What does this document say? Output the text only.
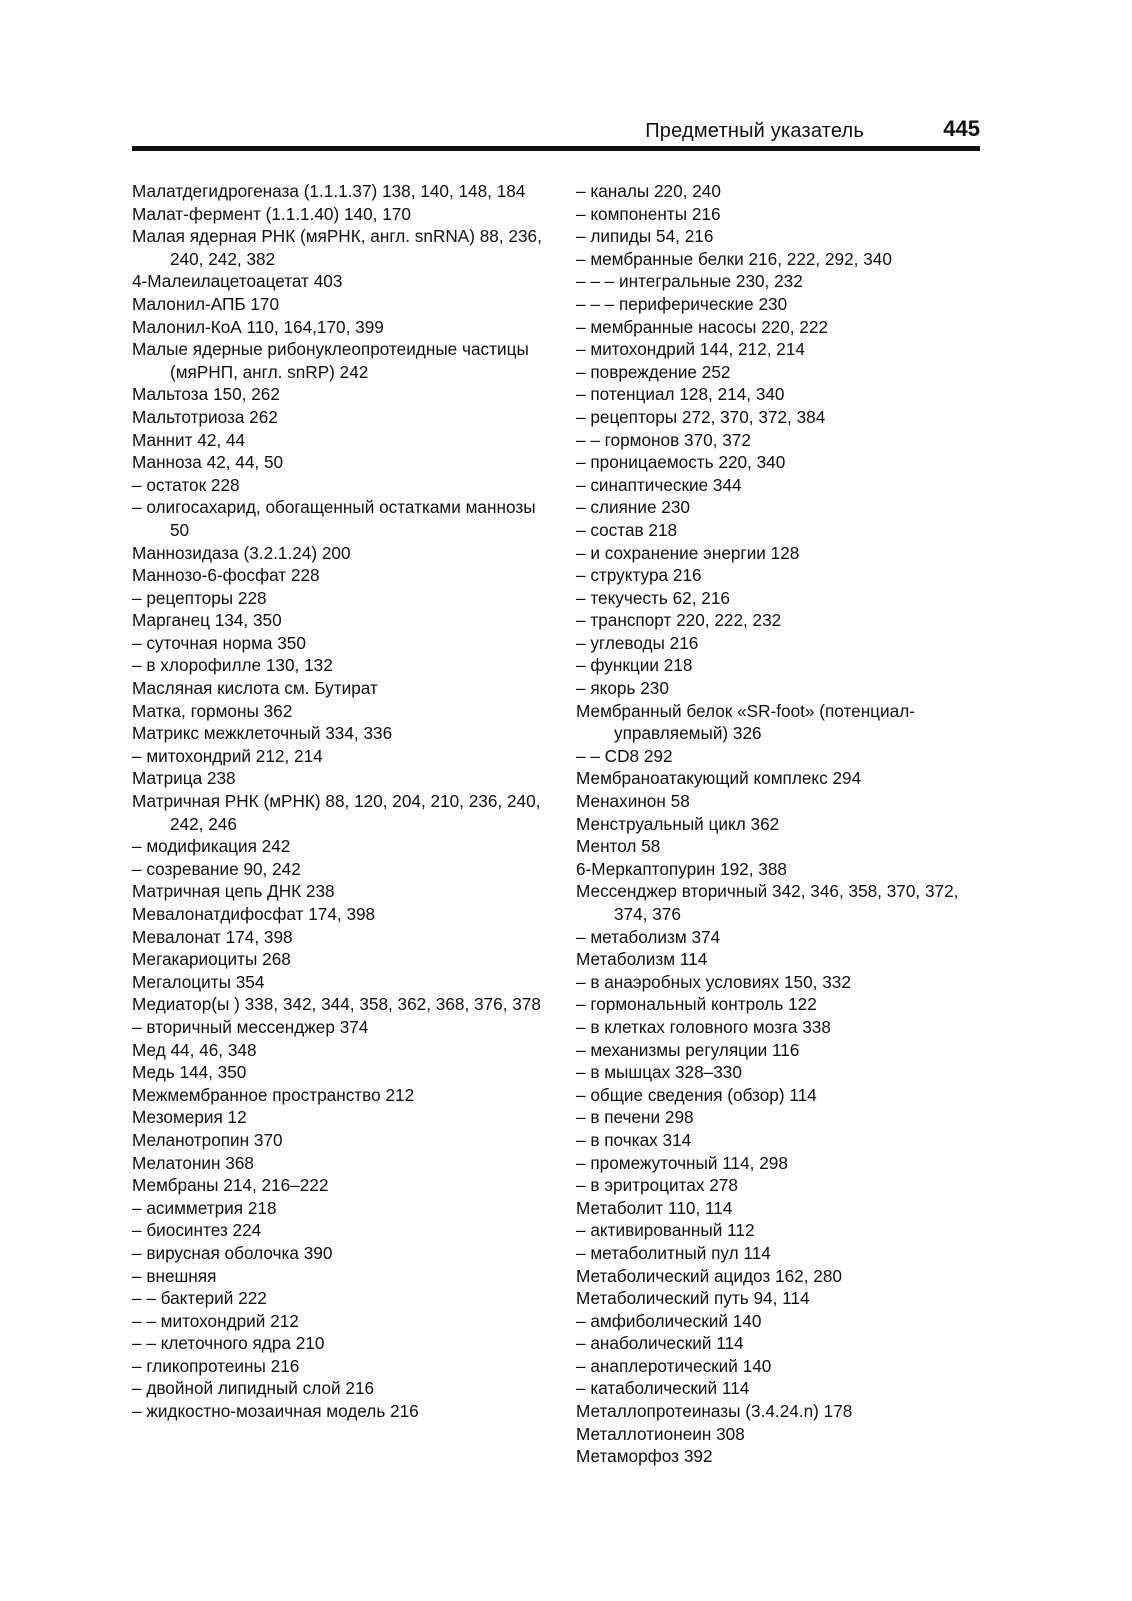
Предметный указатель	445

Малатдегидрогеназа (1.1.1.37) 138, 140, 148, 184

Малат-фермент (1.1.1.40) 140, 170

Малая ядерная РНК (мяРНК, англ. snRNA) 88, 236, 240, 242, 382

4-Малеилацетоацетат 403

Малонил-АПБ 170

Малонил-КоА 110, 164,170, 399

Малые ядерные рибонуклеопротеидные частицы (мяРНП, англ. snRP) 242

Мальтоза 150, 262

Мальтотриоза 262

Маннит 42, 44

Манноза 42, 44, 50

– остаток 228

– олигосахарид, обогащенный остатками маннозы 50

Маннозидаза (3.2.1.24) 200

Маннозо-6-фосфат 228

– рецепторы 228

Марганец 134, 350

– суточная норма 350

– в хлорофилле 130, 132

Масляная кислота см. Бутират

Матка, гормоны 362

Матрикс межклеточный 334, 336

– митохондрий 212, 214

Матрица 238

Матричная РНК (мРНК) 88, 120, 204, 210, 236, 240, 242, 246

– модификация 242

– созревание 90, 242

Матричная цепь ДНК 238

Мевалонатдифосфат 174, 398

Мевалонат 174, 398

Мегакариоциты 268

Мегалоциты 354

Медиатор(ы ) 338, 342, 344, 358, 362, 368, 376, 378

– вторичный мессенджер 374

Мед 44, 46, 348

Медь 144, 350

Межмембранное пространство 212

Мезомерия 12

Меланотропин 370

Мелатонин 368

Мембраны 214, 216–222

– асимметрия 218

– биосинтез 224

– вирусная оболочка 390

– внешняя

– – бактерий 222

– – митохондрий 212

– – клеточного ядра 210

– гликопротеины 216

– двойной липидный слой 216

– жидкостно-мозаичная модель 216

– каналы 220, 240

– компоненты 216

– липиды 54, 216

– мембранные белки 216, 222, 292, 340

– – – интегральные 230, 232

– – – периферические 230

– мембранные насосы 220, 222

– митохондрий 144, 212, 214

– повреждение 252

– потенциал 128, 214, 340

– рецепторы 272, 370, 372, 384

– – гормонов 370, 372

– проницаемость 220, 340

– синаптические 344

– слияние 230

– состав 218

– и сохранение энергии 128

– структура 216

– текучесть 62, 216

– транспорт 220, 222, 232

– углеводы 216

– функции 218

– якорь 230

Мембранный белок «SR-foot» (потенциал-управляемый) 326

– – CD8 292

Мембраноатакующий комплекс 294

Менахинон 58

Менструальный цикл 362

Ментол 58

6-Меркаптопурин 192, 388

Мессенджер вторичный 342, 346, 358, 370, 372, 374, 376

– метаболизм 374

Метаболизм 114

– в анаэробных условиях 150, 332

– гормональный контроль 122

– в клетках головного мозга 338

– механизмы регуляции 116

– в мышцах 328–330

– общие сведения (обзор) 114

– в печени 298

– в почках 314

– промежуточный 114, 298

– в эритроцитах 278

Метаболит 110, 114

– активированный 112

– метаболитный пул 114

Метаболический ацидоз 162, 280

Метаболический путь 94, 114

– амфиболический 140

– анаболический 114

– анаплеротический 140

– катаболический 114

Металлопротеиназы (3.4.24.n) 178

Металлотионеин 308

Метаморфоз 392
